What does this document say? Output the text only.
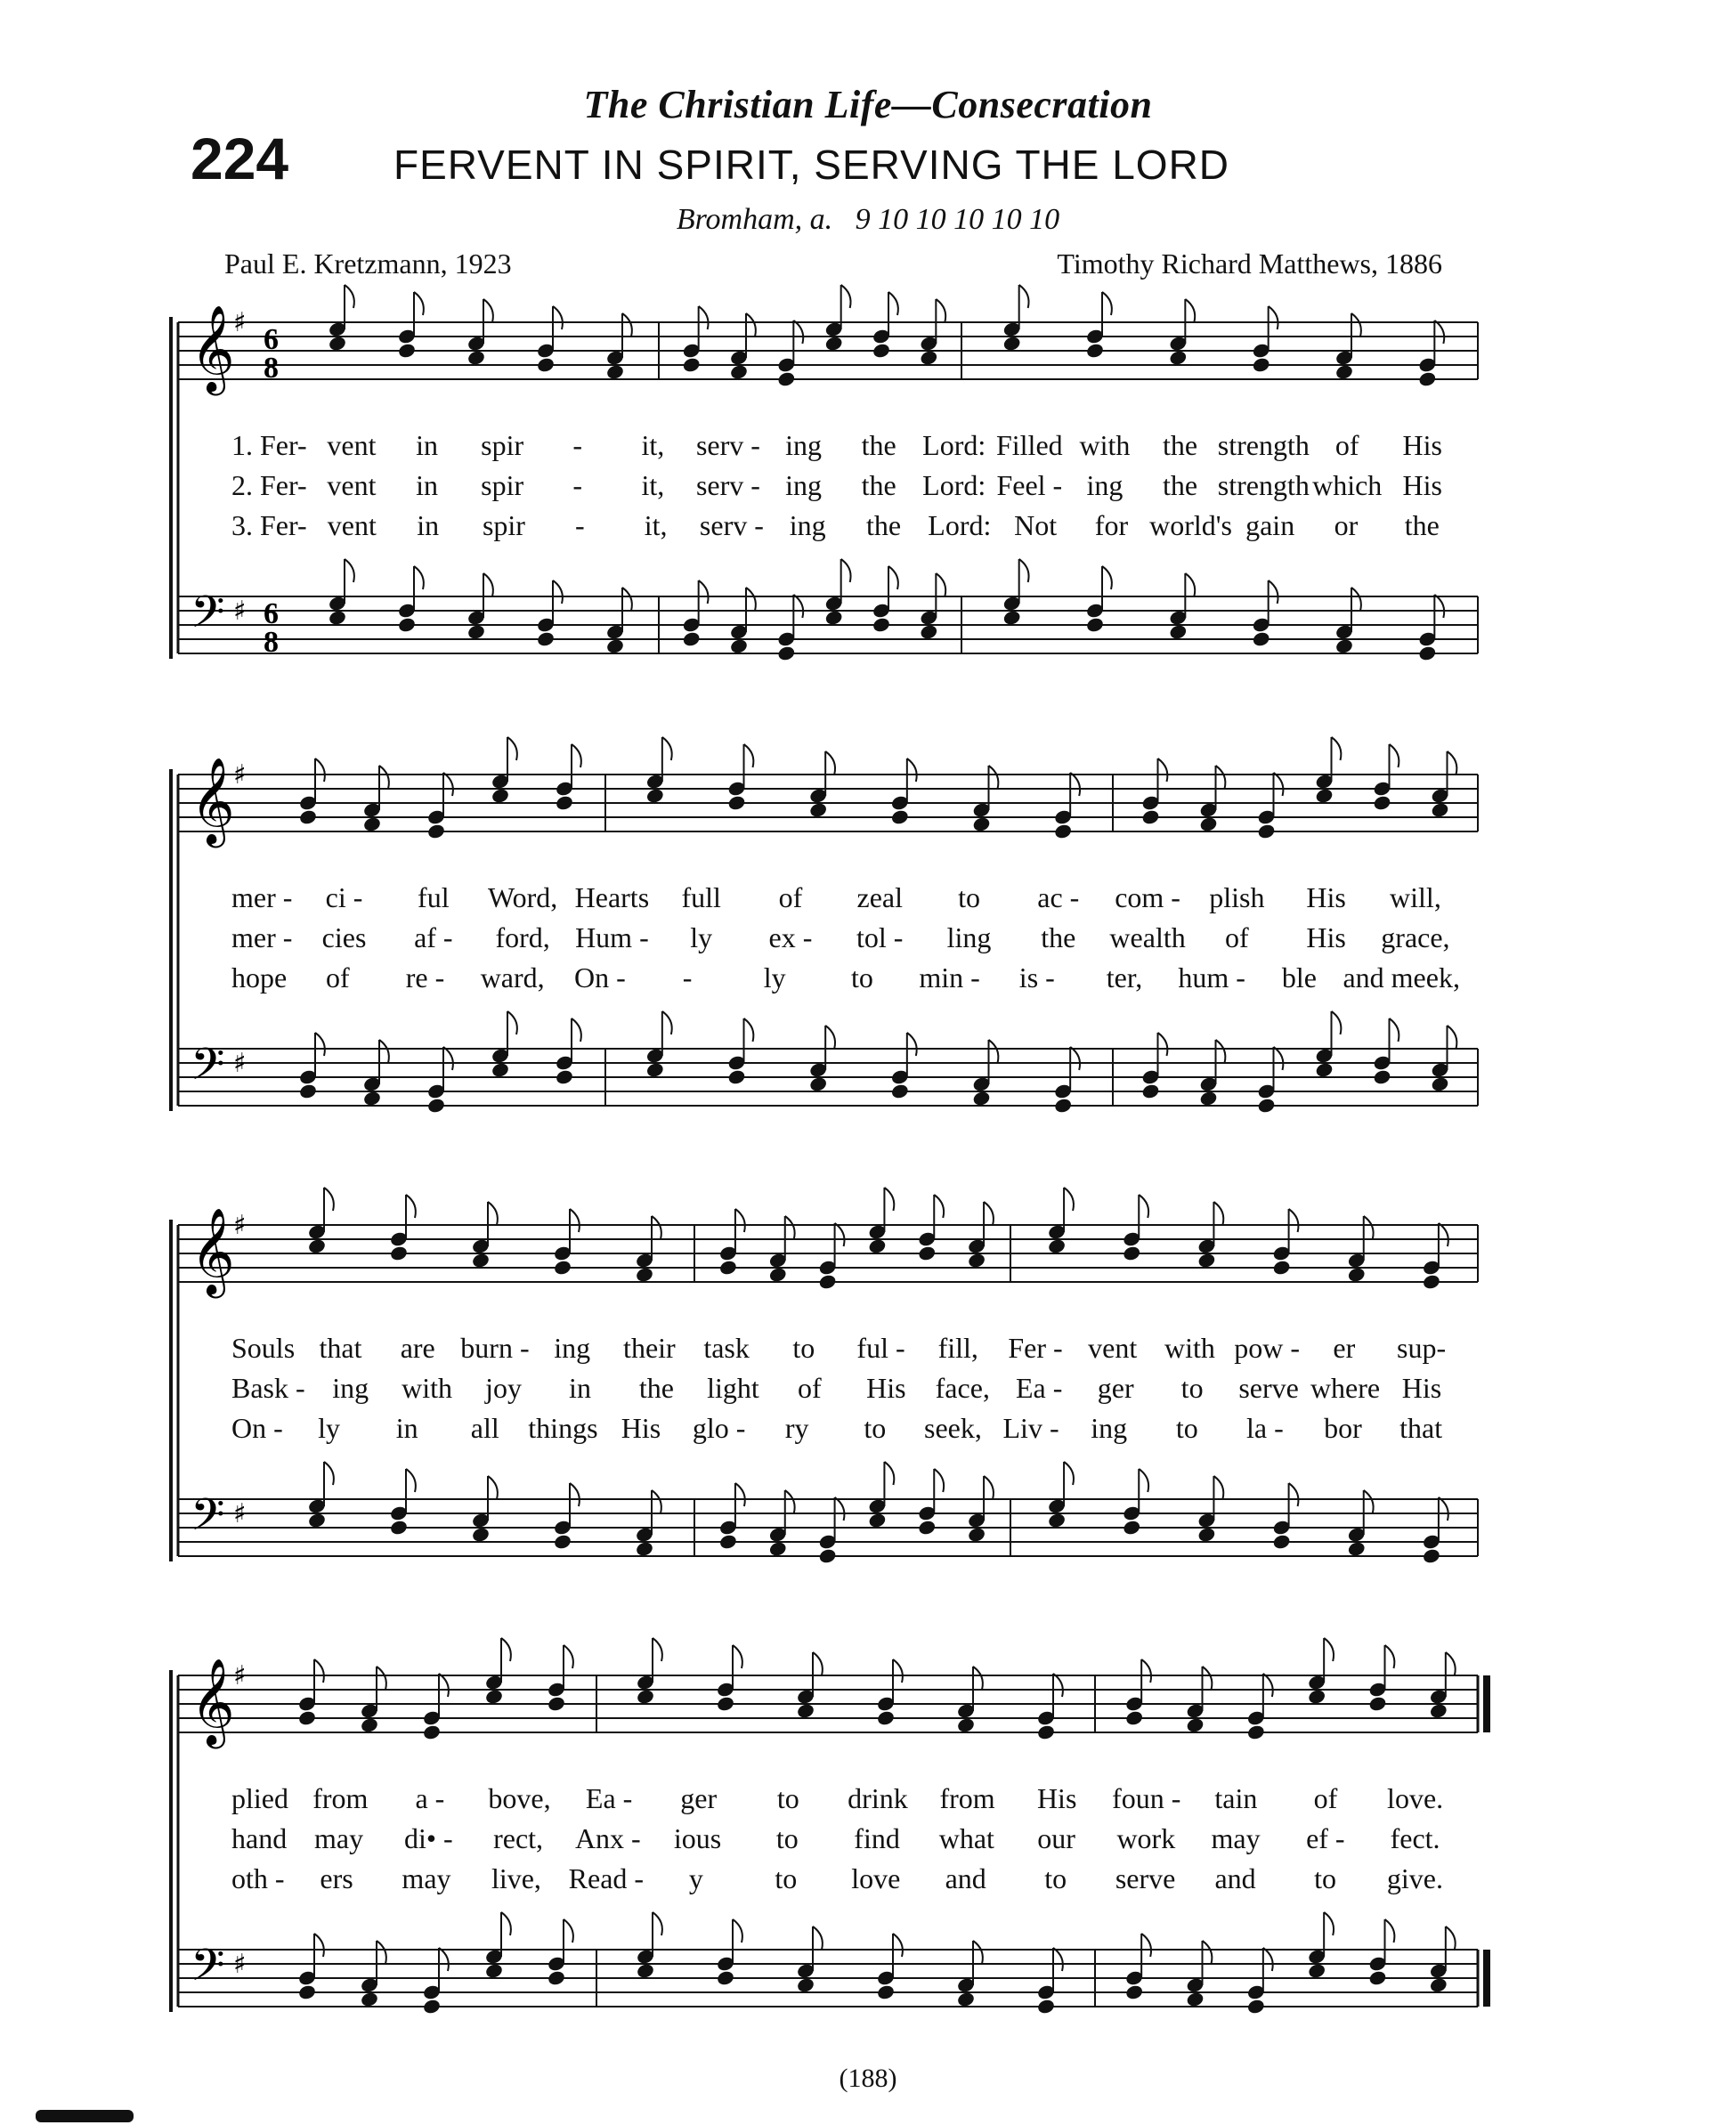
The Christian Life—Consecration
224	FERVENT IN SPIRIT, SERVING THE LORD
Bromham, a. 9 10 10 10 10 10
Paul E. Kretzmann, 1923	Timothy Richard Matthews, 1886
𝄞
♯
6
8
𝄢 ♯ 6
8
1. Fer- vent	in	spir	-	it,	serv - ing	the Lord: Filled with	the strength of	His
2. Fer- vent	in	spir	-	it,	serv - ing	the Lord: Feel - ing	the strength which His
3. Fer- vent	in	spir	-	it,	serv - ing	the Lord: Not	for world's gain	or	the
𝄞
♯
𝄢 ♯
mer -	ci -	ful	Word, Hearts	full	of	zeal	to	ac -	com -	plish	His	will,
mer -	cies	af -	ford, Hum -	ly	ex -	tol -	ling	the	wealth	of	His	grace,
hope	of	re -	ward,	On -	-	ly	to	min -	is -	ter,	hum -	ble and meek,
𝄞
♯
𝄢 ♯
Souls that	are burn - ing	their task	to	ful -	fill,	Fer - vent with pow -	er	sup-
Bask - ing	with	joy	in	the	light	of	His	face, Ea -	ger	to	serve where His
On -	ly	in	all	things His	glo -	ry	to	seek, Liv -	ing	to	la -	bor	that
𝄞
♯
𝄢 ♯
plied from	a -	bove,	Ea -	ger	to	drink	from	His	foun -	tain	of	love.
hand may	di• -	rect,	Anx -	ious	to	find	what	our	work	may	ef -	fect.
oth -	ers	may	live, Read -	y	to	love	and	to	serve	and	to	give.
(188)
